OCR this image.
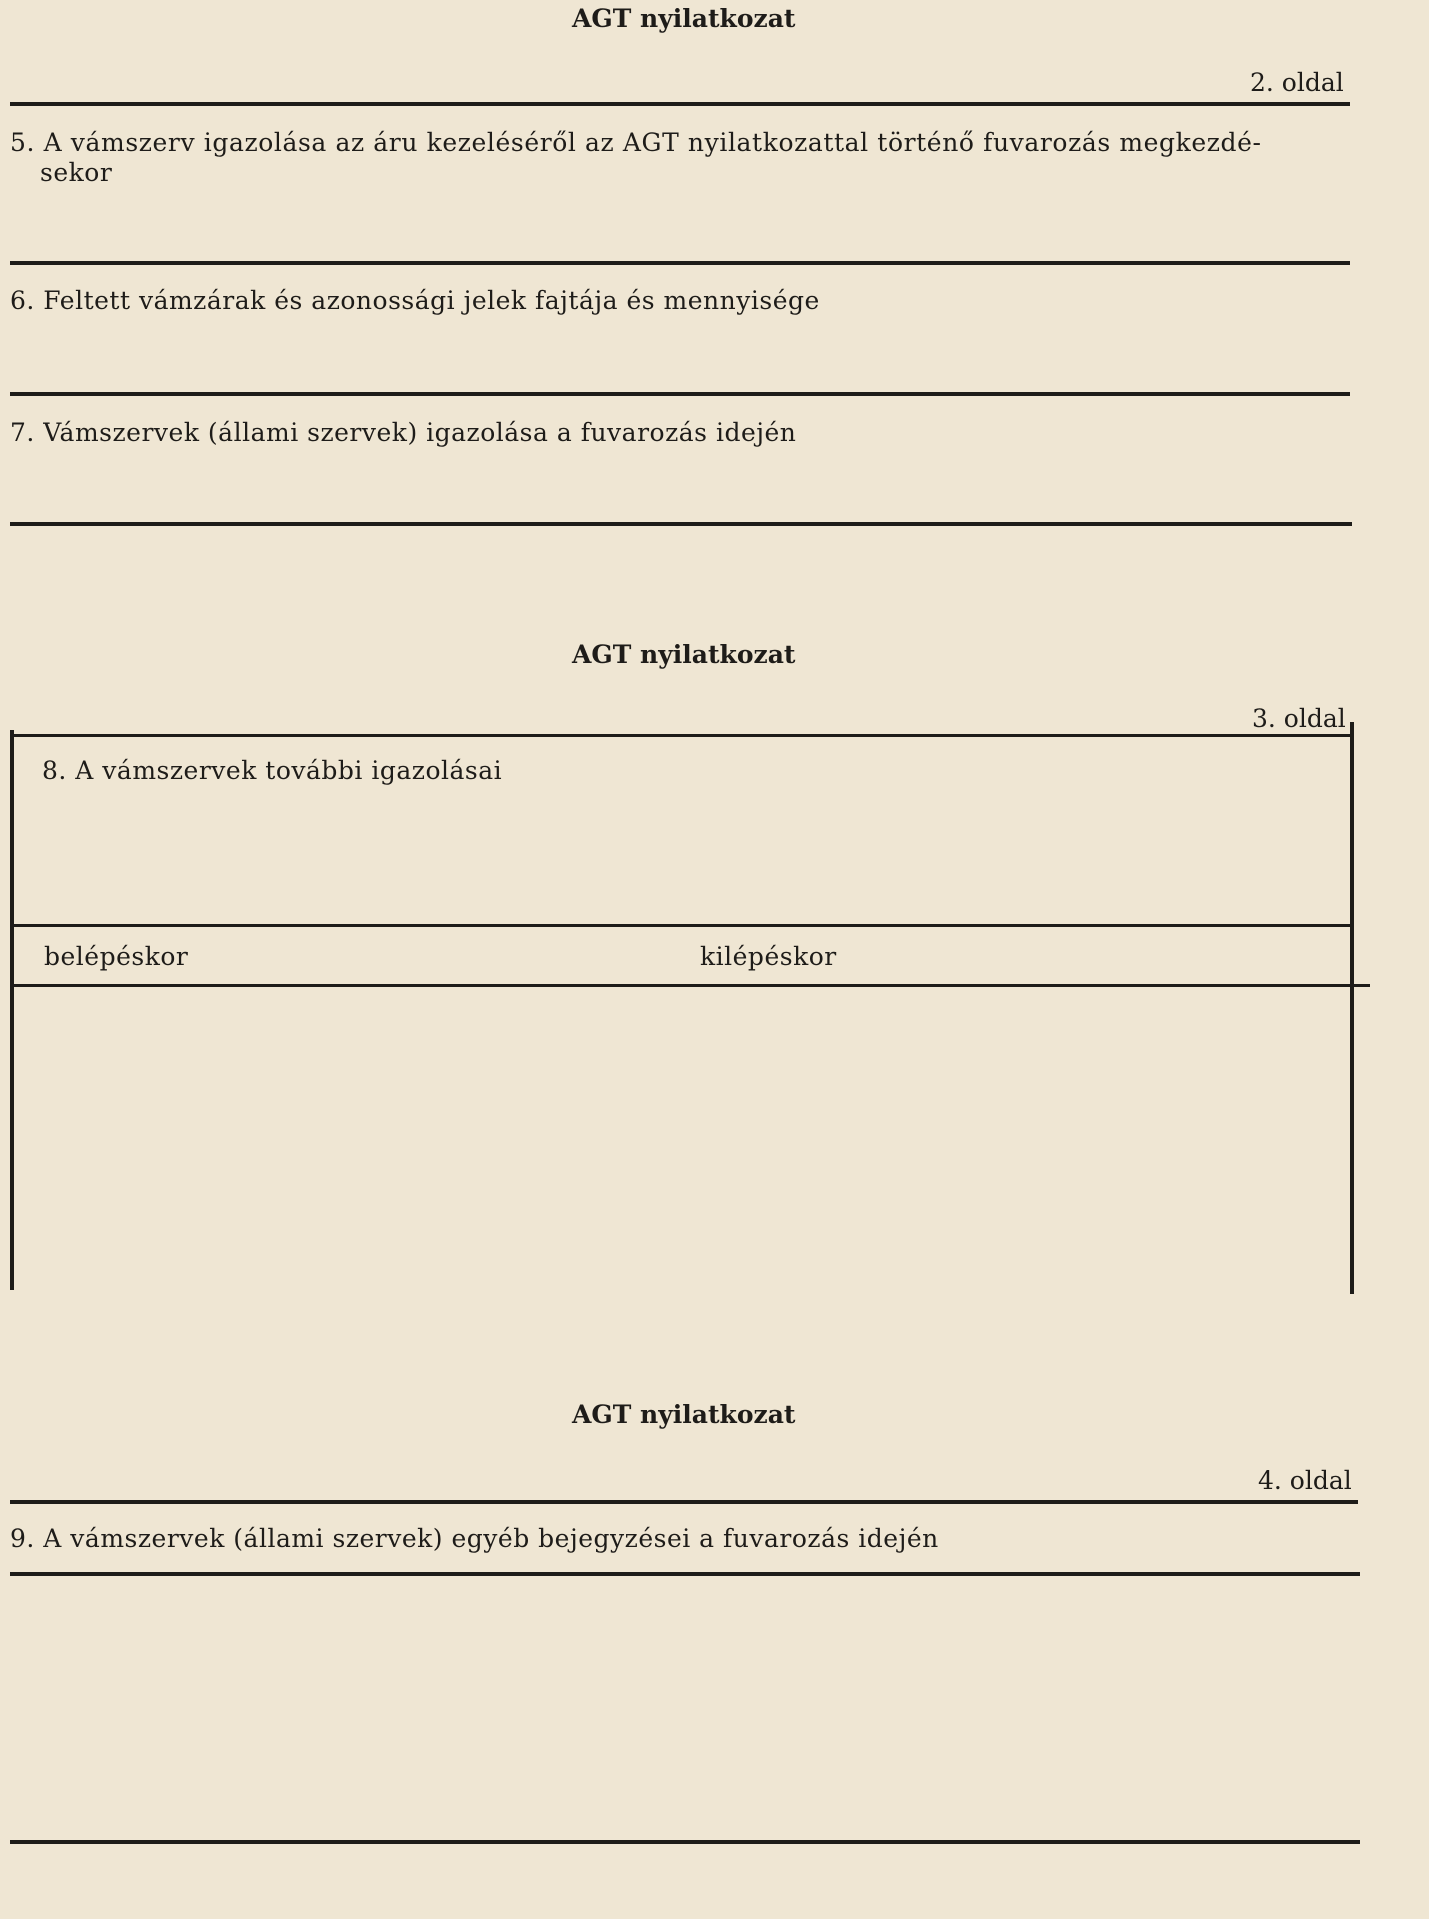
AGT nyilatkozat
2. oldal
5. A vámszerv igazolása az áru kezeléséről az AGT nyilatkozattal történő fuvarozás megkezdé-
sekor
6. Feltett vámzárak és azonossági jelek fajtája és mennyisége
7. Vámszervek (állami szervek) igazolása a fuvarozás idején
AGT nyilatkozat
3. oldal
8. A vámszervek további igazolásai
belépéskor	kilépéskor
AGT nyilatkozat
4. oldal
9. A vámszervek (állami szervek) egyéb bejegyzései a fuvarozás idején
